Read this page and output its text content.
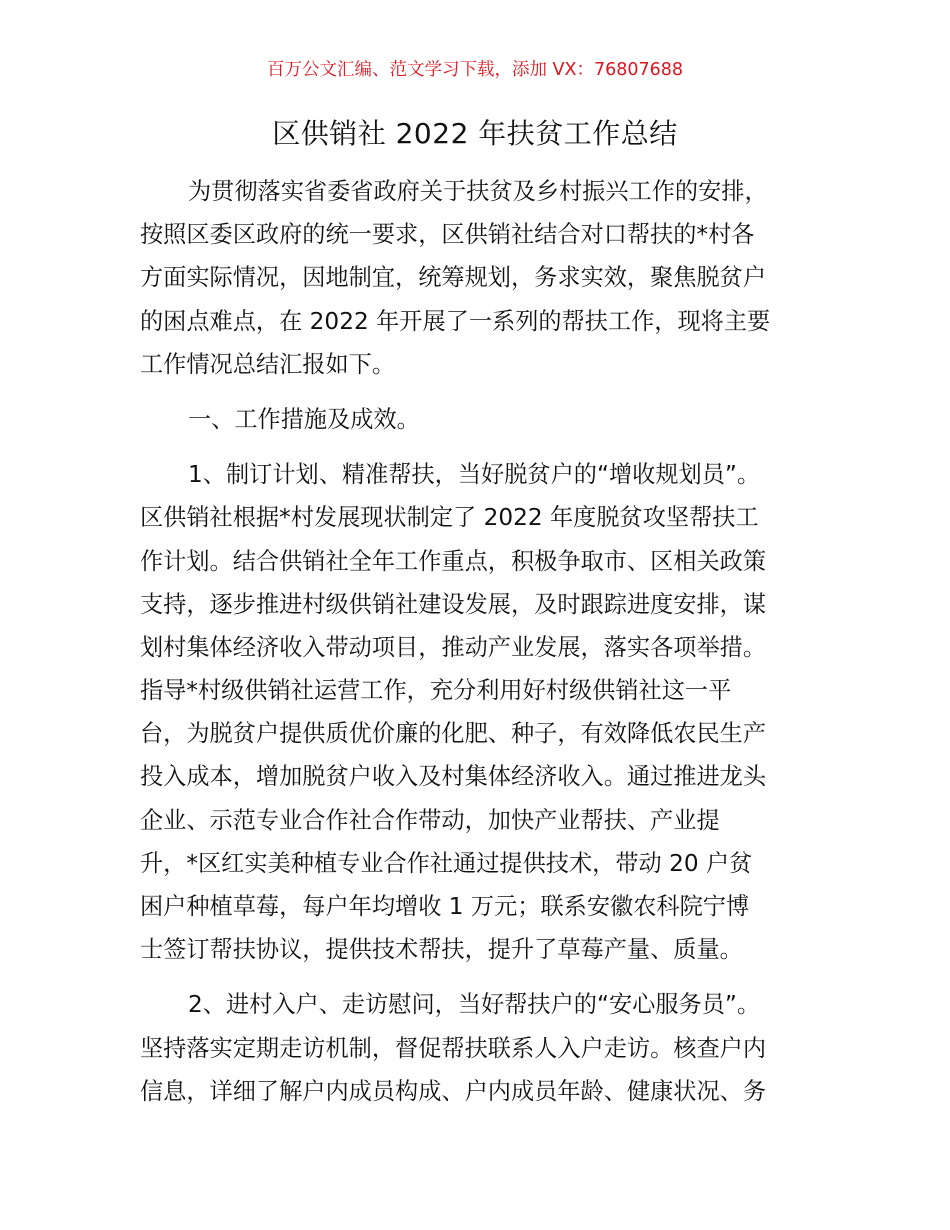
百万公文汇编、范文学习下载，添加 VX：76807688
区供销社 2022 年扶贫工作总结
为贯彻落实省委省政府关于扶贫及乡村振兴工作的安排，
按照区委区政府的统一要求，区供销社结合对口帮扶的*村各
方面实际情况，因地制宜，统筹规划，务求实效，聚焦脱贫户
的困点难点，在 2022 年开展了一系列的帮扶工作，现将主要
工作情况总结汇报如下。
一、工作措施及成效。
1、制订计划、精准帮扶，当好脱贫户的“增收规划员”。
区供销社根据*村发展现状制定了 2022 年度脱贫攻坚帮扶工
作计划。结合供销社全年工作重点，积极争取市、区相关政策
支持，逐步推进村级供销社建设发展，及时跟踪进度安排，谋
划村集体经济收入带动项目，推动产业发展，落实各项举措。
指导*村级供销社运营工作，充分利用好村级供销社这一平
台，为脱贫户提供质优价廉的化肥、种子，有效降低农民生产
投入成本，增加脱贫户收入及村集体经济收入。通过推进龙头
企业、示范专业合作社合作带动，加快产业帮扶、产业提
升，*区红实美种植专业合作社通过提供技术，带动 20 户贫
困户种植草莓，每户年均增收 1 万元；联系安徽农科院宁博
士签订帮扶协议，提供技术帮扶，提升了草莓产量、质量。
2、进村入户、走访慰问，当好帮扶户的“安心服务员”。
坚持落实定期走访机制，督促帮扶联系人入户走访。核查户内
信息，详细了解户内成员构成、户内成员年龄、健康状况、务
